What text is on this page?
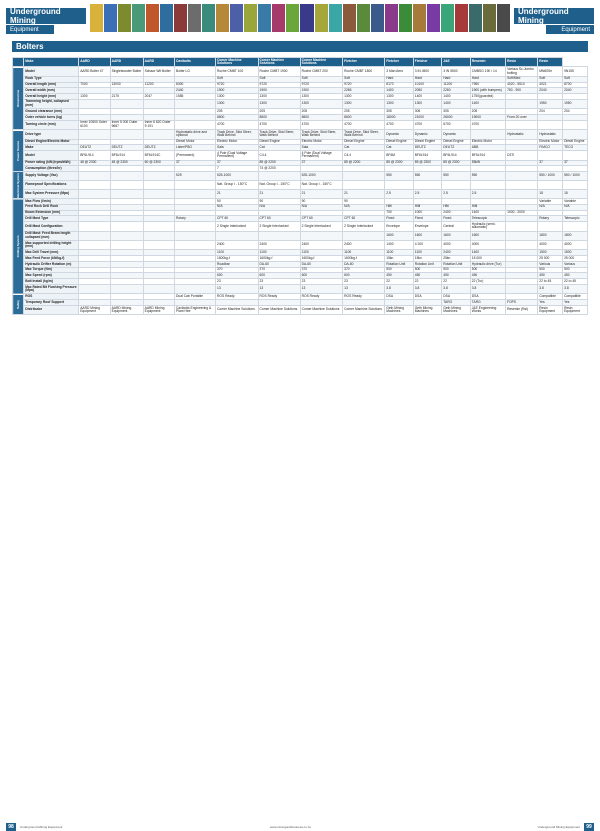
Underground Mining
Equipment
Underground Mining
Equipment
Bolters
	Make	AARD	AARD	AARD	Cavibolts	Comer Machine Solutions	Comer Machine Solutions	Comer Machine Solutions	Fletcher	Fletcher	Fletcher	J&E	Resemin	Resin	Resin	
Dimensions	Model	AARD Bolter 47	Singlebooster Bolter	Scissor Wit Bolter	Bolter LG	Roche CMBT 100	Roche CMBT 1900	Roche CMBT 200	Roche CMBT 1800	3 Man Aero	3 IN 4500	3 IN 5500	CMBSG 190 / 14	Various Sc-Jumbo bolting	MN60Se	9N155
	Rock Type					Soft	Soft	Soft	Soft	Hard	Hard	Hard	Hard	Soft/Med	Soft	Soft
	Overall length (mm)	7000	13000	11200	8300	9720	9720	9720	9720	8170	10100	11200	7950	4020 - 5510	4021	8700
	Overall width (mm)				2440	1900	1900	1900	2265	1400	2050	2260	1900 (with bumpers)	750 - 900	2040	2040
	Overall height (mm)	1300	2175	2047	1585	1300	1300	1300	1300	1300	1400	1400	1750(guarded)			
	Tramming height, collapsed (mm)					1300	1300	1300	1300	1300	1300	1400	1400		1950	1950
	Ground clearance (mm)					205	205	205	205	305	305	305	205		204	204
	Outer vehicle turns (kg)					8600	8600	8600	8600	18000	21000	26000	19000	From 20 over		
	Turning circle (mm)	Inner 10500 Outer 6100	Inner 5 000 Outer 9687	Inner 6 620 Outer 9 191		4700	4700	4700	4700	4700	4700	6700	4700			
Power Source	Drive type				Hydrostatic drive and optional	Track Drive, Skid Steer, Walk Behind	Track Drive, Skid Steer, Walk Behind	Track Drive, Skid Steer, Walk Behind	Track Drive, Skid Steer, Walk Behind	Dynamic	Dynamic	Dynamic		Hydrostatic	Hydrostatic	
	Diesel Engine/Electric Motor				Diesel Motor	Electric Motor	Diesel Engine	Electric Motor	Diesel Engine	Diesel Engine	Diesel Engine	Diesel Engine	Electric Motor		Electric Motor	Diesel Engine
	Make	DEUTZ	DEUTZ	DEUTZ	Lister/PBG	Sala	Cat	Sala	Cat	Cat	DEUTZ	DEUTZ	ABB		FIMCO	TECO
	Model	BF6L914	BF6L914	BF6L914C	(Permanent)	4 Pole (Dual Voltage Permanent)	C4.4	4 Pole (Dual Voltage Permanent)	C4.4	BF6M	BF6L914	BF6L914	BF6L914	D3TI		
	Power rating (kW@rpm/kWh)	48 @ 2300	48 @ 2300	60 @ 2300	37	37	85 @ 2200	37	85 @ 2200	85 @ 2300	85 @ 2300	85 @ 2300	55kW		37	37
	Consumption (litres/hr)					7	74 @ 2200									
Electrical System	Supply Voltage (Vac)				525	525-1000		525-1000		550	550	550	550		550 / 1000	550 / 1000
	Flameproof Specifications					Nat. Group I - 150°C	Nat. Group I - 150°C	Nat. Group I - 150°C								
	Max System Pressure (Mpa)					21	21	21	21	2.5	2.5	2.5	2.5		15	15
Drilling System	Max Flow (l/min)					90	90	90	90						Variable	Variable
	Feed Rock Drill Rock					N/A	N/A	N/A	N/A	Hilti	Hilti	Hilti	Hilti		N/A	N/A
	Boom Extension (mm)									700	1000	2400	1400	1000 - 2000		
	Drill Mast Type				Rotary	CPT 60	CPT 60	CPT 60	CPT 60	Fixed	Fixed	Fixed	Telescopic		Rotary	Telescopic
	Drill Mast Configuration					2 Single Interlocked	2 Single Interlocked	2 Single Interlocked	2 Single Interlocked	Envelope	Envelope	Central	Hydraulic (semi-automatic)			
	Drill Mast: Feed Beam length collapsed (mm)									1600	1600	1600	1600		1800	1800
	Max supported drilling height (mm)					2400	2400	2400	2400	1400	4 200	4000	4000		4000	4000
	Max Drill Travel (mm)					1100	1100	1100	1100	1100	1100	2400	1400		1500	1500
	Max Feed Force (kN/kg-f)					1600kg-f	1600kg-f	1600kg-f	1600kg-f	15kn	15kn	25kn	15 000		25 000	25 000
	Hydraulic Drifter Rotation (m)					Roadbar	DA-60	DA-60	DA-60	Rotation Unit	Rotation Unit	Rotation Unit	Hydraulic drive (Tur)		Various	Various
	Max Torque (Nm)					370	370	370	370	500	500	500	500		500	500
	Max Speed (rpm)					600	600	600	600	450	450	450	450		450	450
	Bolt Install (kg/m)					23	23	23	23	22	22	22	22 (Tur)		22 to 45	22 to 45
	Max Rated Bit Flushing Pressure (Mpa)					13	13	13	13	3.8	3.8	3.8	3.8		3.8	3.8
Safety	ROS				Dual Cab Portable	ROS Ready	ROS Ready	ROS Ready	ROS Ready	DSA	DSA	DSA	DSA		Compatible	Compatible
	Temporary Roof Support											TARG	TARG	FOPS	Yes	Yes
	Distributor	AARD Mining Equipment	AARD Mining Equipment	AARD Mining Equipment	Cavibolts Engineering & Plant Hire	Comer Machine Solutions	Comer Machine Solutions	Comer Machine Solutions	Comer Machine Solutions	Geth Mining Machines	Geth Mining Machines	Geth Mining Machines	J&E Engineering Works	Resemin (Rsl)	Resin Equipment	Resin Equipment
98	Underground Mining Equipment	www.miningandbusiness.co.za	Underground Mining Equipment	99
